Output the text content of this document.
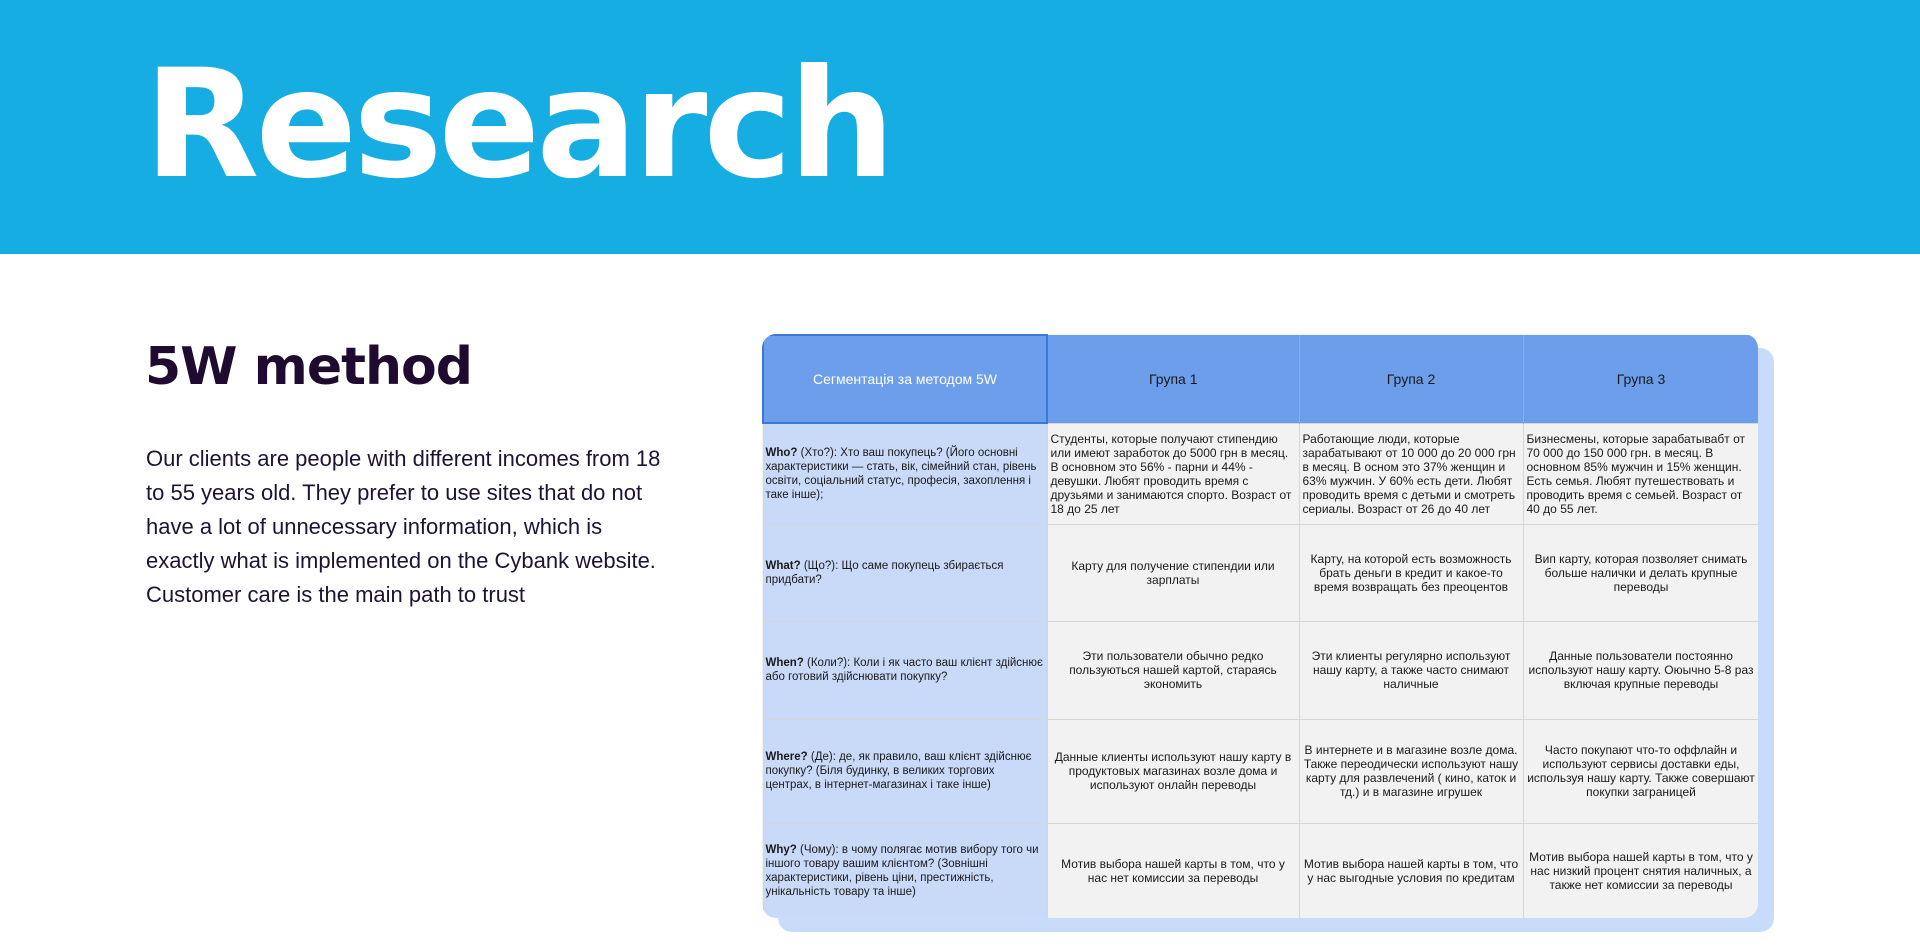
Research
5W method
Our clients are people with different incomes from 18 to 55 years old. They prefer to use sites that do not have a lot of unnecessary information, which is exactly what is implemented on the Cybank website. Customer care is the main path to trust
Сегментація за методом 5W	Група 1	Група 2	Група 3
Who? (Хто?): Хто ваш покупець? (Його основні характеристики — стать, вік, сімейний стан, рівень освіти, соціальний статус, професія, захоплення і таке інше);	Студенты, которые получают стипендию или имеют заработок до 5000 грн в месяц. В основном это 56% - парни и 44% - девушки. Любят проводить время с друзьями и занимаются спорто. Возраст от 18 до 25 лет	Работающие люди, которые зарабатывают от 10 000 до 20 000 грн в месяц. В осном это 37% женщин и 63% мужчин. У 60% есть дети. Любят проводить время с детьми и смотреть сериалы. Возраст от 26 до 40 лет	Бизнесмены, которые зарабатывабт от 70 000 до 150 000 грн. в месяц. В основном 85% мужчин и 15% женщин. Есть семья. Любят путешествовать и проводить время с семьей. Возраст от 40 до 55 лет.
What? (Що?): Що саме покупець збирається придбати?	Карту для получение стипендии или зарплаты	Карту, на которой есть возможность брать деньги в кредит и какое-то время возвращать без преоцентов	Вип карту, которая позволяет снимать больше налички и делать крупные переводы
When? (Коли?): Коли і як часто ваш клієнт здійснює або готовий здійснювати покупку?	Эти пользователи обычно редко пользуються нашей картой, стараясь экономить	Эти клиенты регулярно используют нашу карту, а также часто снимают наличные	Данные пользователи постоянно используют нашу карту. Оюычно 5-8 раз включая крупные переводы
Where? (Де): де, як правило, ваш клієнт здійснює покупку? (Біля будинку, в великих торгових центрах, в інтернет-магазинах і таке інше)	Данные клиенты используют нашу карту в продуктовых магазинах возле дома и используют онлайн переводы	В интернете и в магазине возле дома. Также переодически используют нашу карту для развлечений ( кино, каток и тд.) и в магазине игрушек	Часто покупают что-то оффлайн и используют сервисы доставки еды, используя нашу карту. Также совершают покупки заграницей
Why? (Чому): в чому полягає мотив вибору того чи іншого товару вашим клієнтом? (Зовнішні характеристики, рівень ціни, престижність, унікальність товару та інше)	Мотив выбора нашей карты в том, что у нас нет комиссии за переводы	Мотив выбора нашей карты в том, что у нас выгодные условия по кредитам	Мотив выбора нашей карты в том, что у нас низкий процент снятия наличных, а также нет комиссии за переводы
